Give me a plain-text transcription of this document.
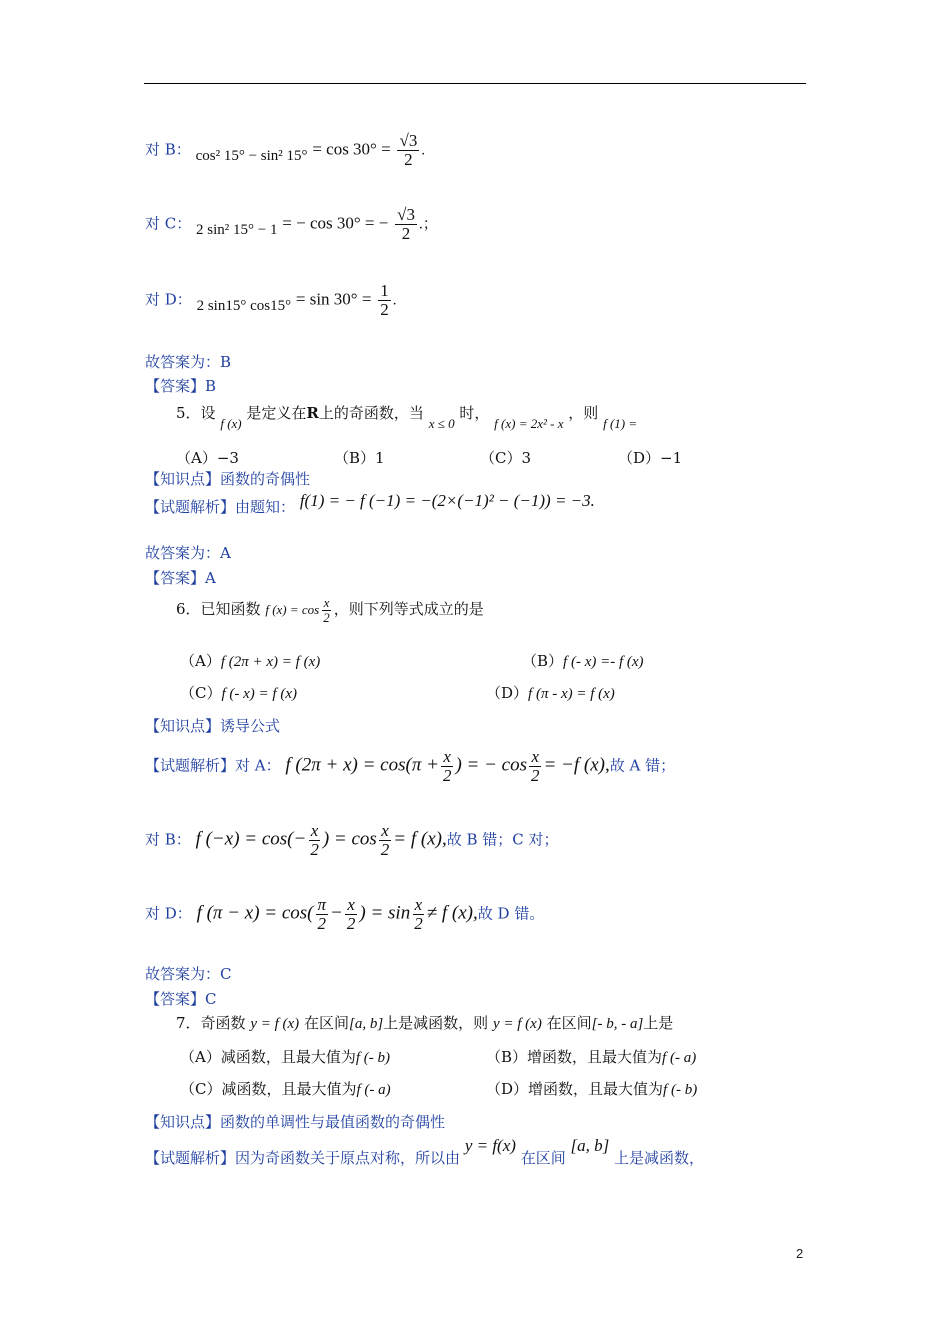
对 B： cos² 15° − sin² $15^\circ = \cos 30^\circ = \frac{√3}{2}$ .
对 C： 2 sin² 15° − 1 = − cos 30° = − $\frac{√3}{2}$ .；
对 D： 2 sin15° $\cos 15^\circ = \sin 30^\circ = \frac{1}{2}$ .
故答案为：B
【答案】B
5．设 f (x) 是定义在R上的奇函数，当 x ≤ 0 时， f (x) = 2x² - x ，则 f (1) =
（A）−3	（B）1	（C）3	（D）−1
【知识点】函数的奇偶性
【试题解析】由题知： f(1) = − f (−1) = −(2×(−1)² − (−1)) = −3.
故答案为：A
【答案】A
6．已知函数 f $(x) = \cos \frac{x}{2}$ ，则下列等式成立的是
（A）f (2π + x) = f (x)	（B）f (- x) =- f (x)
（C）f (- x) = f (x)	（D）f (π - x) = f (x)
【知识点】诱导公式
【试题解析】对 A： f $(2\pi + x) = \cos(\pi + \frac{x}{2}$ ) = − $\cos \frac{x}{2} = -f$ (x),故 A 错；
对 B： f $(-x) = \cos(- \frac{x}{2}$ ) = $\cos \frac{x}{2} = f$ (x),故 B 错；C 对；
对 D： f $(\pi - x) = \cos( \frac{\pi}{2} - \frac{x}{2}$ ) = $\sin \frac{x}{2} \ne f$ (x),故 D 错。
故答案为：C
【答案】C
7．奇函数 y = f (x) 在区间[a, b]上是减函数，则 y = f (x) 在区间[- b, - a]上是
（A）减函数，且最大值为f (- b)	（B）增函数，且最大值为f (- a)
（C）减函数，且最大值为f (- a)	（D）增函数，且最大值为f (- b)
【知识点】函数的单调性与最值函数的奇偶性
【试题解析】因为奇函数关于原点对称，所以由 y = f(x) 在区间 [a, b] 上是减函数，
2
